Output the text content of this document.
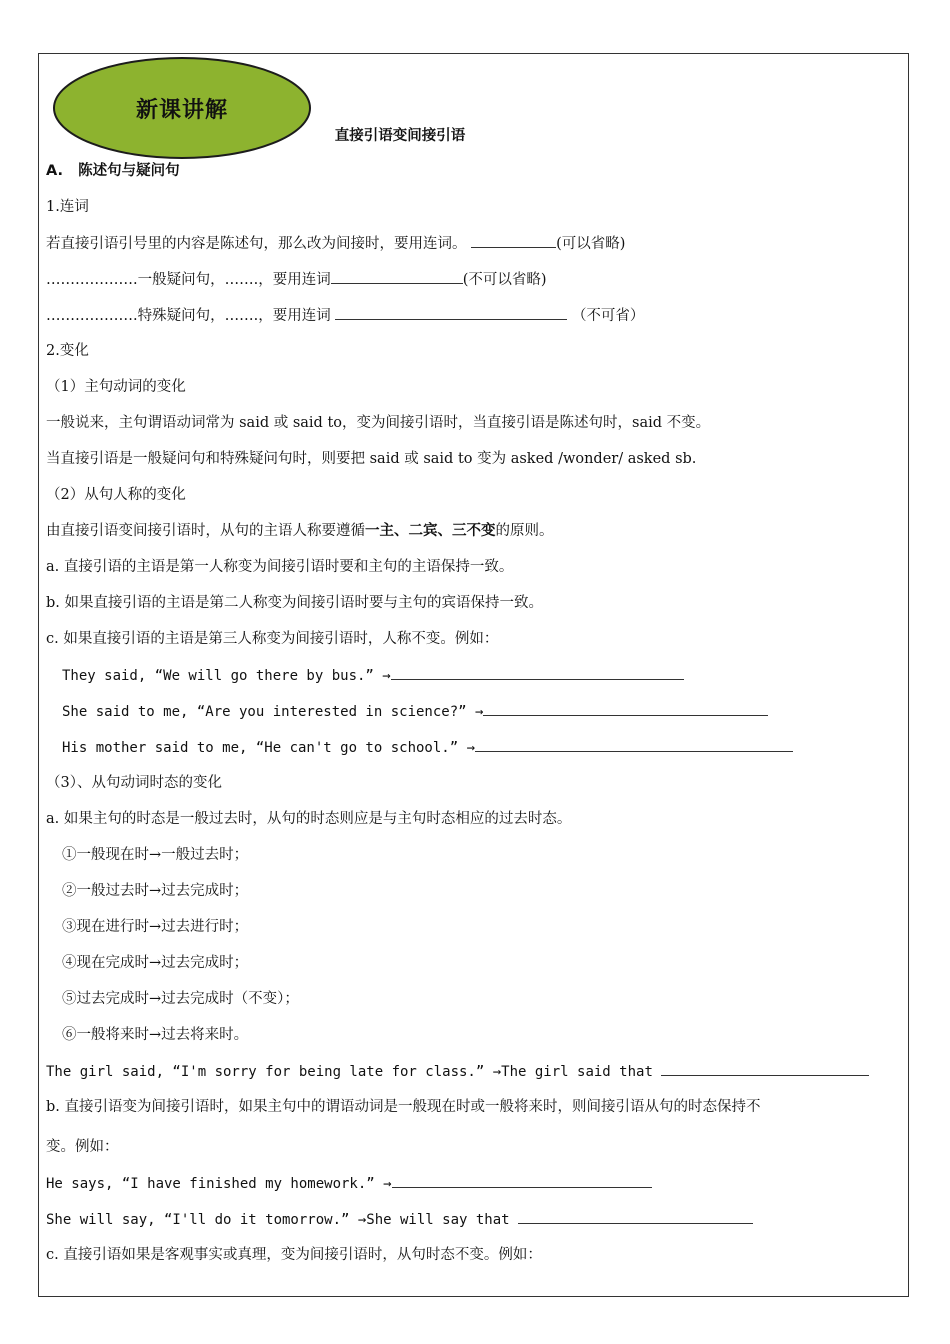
新课讲解
直接引语变间接引语
A. 陈述句与疑问句
1.连词
若直接引语引号里的内容是陈述句，那么改为间接时，要用连词。	(可以省略)
……………….一般疑问句，…….，要用连词	(不可以省略)
……………….特殊疑问句，…….，要用连词	（不可省）
2.变化
（1）主句动词的变化
一般说来，主句谓语动词常为 said 或 said to，变为间接引语时，当直接引语是陈述句时，said 不变。
当直接引语是一般疑问句和特殊疑问句时，则要把 said 或 said to 变为 asked /wonder/ asked sb.
（2）从句人称的变化
由直接引语变间接引语时，从句的主语人称要遵循一主、二宾、三不变的原则。
a. 直接引语的主语是第一人称变为间接引语时要和主句的主语保持一致。
b. 如果直接引语的主语是第二人称变为间接引语时要与主句的宾语保持一致。
c. 如果直接引语的主语是第三人称变为间接引语时，人称不变。例如：
They said, “We will go there by bus.” →
She said to me, “Are you interested in science?” →
His mother said to me, “He can't go to school.” →
（3）、从句动词时态的变化
a. 如果主句的时态是一般过去时，从句的时态则应是与主句时态相应的过去时态。
①一般现在时→一般过去时；
②一般过去时→过去完成时；
③现在进行时→过去进行时；
④现在完成时→过去完成时；
⑤过去完成时→过去完成时（不变）；
⑥一般将来时→过去将来时。
The girl said, “I'm sorry for being late for class.” →The girl said that
b. 直接引语变为间接引语时，如果主句中的谓语动词是一般现在时或一般将来时，则间接引语从句的时态保持不
变。例如：
He says, “I have finished my homework.” →
She will say, “I'll do it tomorrow.” →She will say that
c. 直接引语如果是客观事实或真理，变为间接引语时，从句时态不变。例如：
